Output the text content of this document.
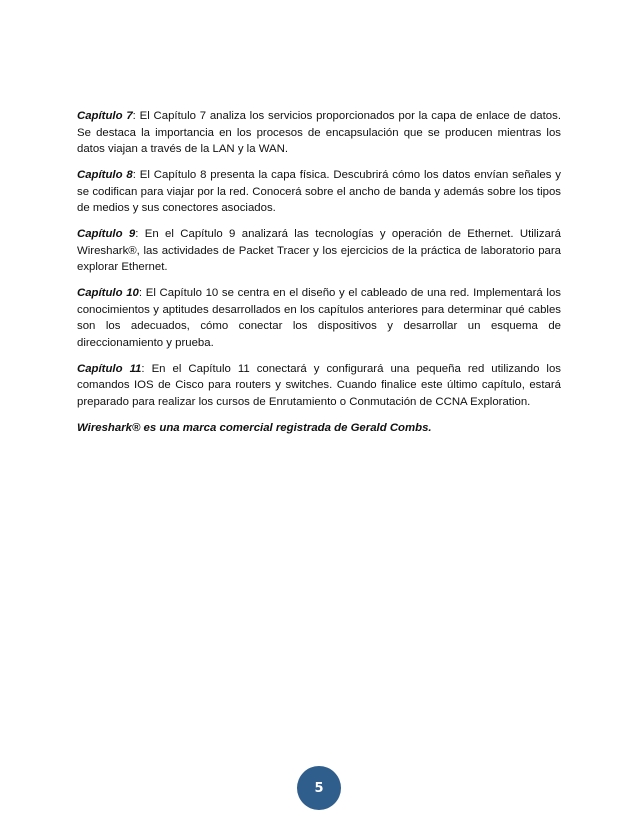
Capítulo 7: El Capítulo 7 analiza los servicios proporcionados por la capa de enlace de datos. Se destaca la importancia en los procesos de encapsulación que se producen mientras los datos viajan a través de la LAN y la WAN.

Capítulo 8: El Capítulo 8 presenta la capa física. Descubrirá cómo los datos envían señales y se codifican para viajar por la red. Conocerá sobre el ancho de banda y además sobre los tipos de medios y sus conectores asociados.

Capítulo 9: En el Capítulo 9 analizará las tecnologías y operación de Ethernet. Utilizará Wireshark®, las actividades de Packet Tracer y los ejercicios de la práctica de laboratorio para explorar Ethernet.

Capítulo 10: El Capítulo 10 se centra en el diseño y el cableado de una red. Implementará los conocimientos y aptitudes desarrollados en los capítulos anteriores para determinar qué cables son los adecuados, cómo conectar los dispositivos y desarrollar un esquema de direccionamiento y prueba.

Capítulo 11: En el Capítulo 11 conectará y configurará una pequeña red utilizando los comandos IOS de Cisco para routers y switches. Cuando finalice este último capítulo, estará preparado para realizar los cursos de Enrutamiento o Conmutación de CCNA Exploration.

Wireshark® es una marca comercial registrada de Gerald Combs.

5
